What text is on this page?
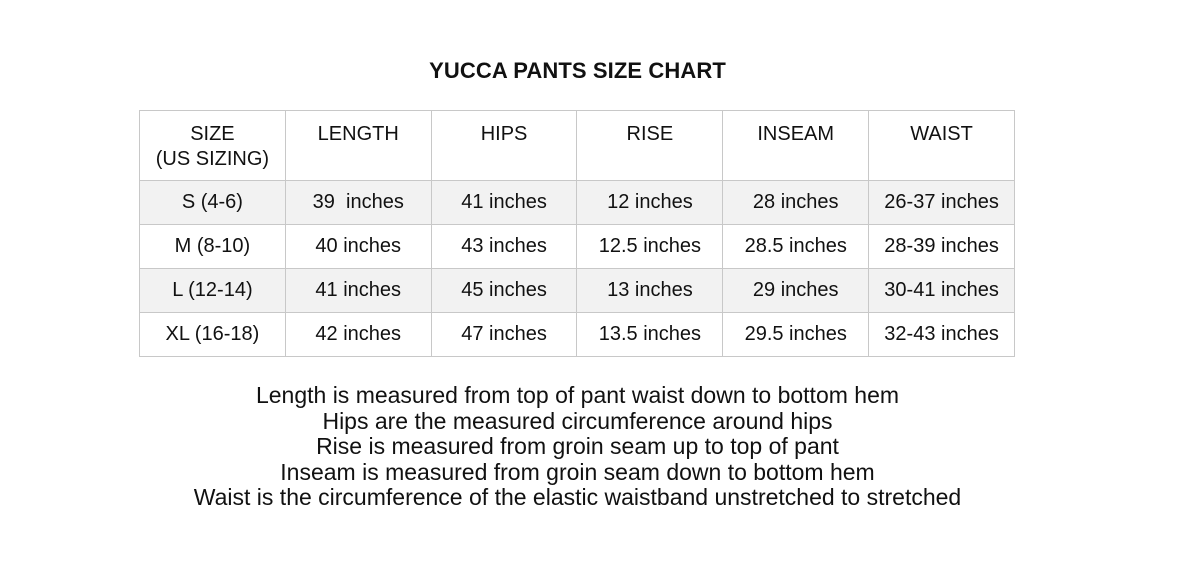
YUCCA PANTS SIZE CHART
SIZE
(US SIZING)	LENGTH	HIPS	RISE	INSEAM	WAIST
S (4-6)	39  inches	41 inches	12 inches	28 inches	26-37 inches
M (8-10)	40 inches	43 inches	12.5 inches	28.5 inches	28-39 inches
L (12-14)	41 inches	45 inches	13 inches	29 inches	30-41 inches
XL (16-18)	42 inches	47 inches	13.5 inches	29.5 inches	32-43 inches
Length is measured from top of pant waist down to bottom hem
Hips are the measured circumference around hips
Rise is measured from groin seam up to top of pant
Inseam is measured from groin seam down to bottom hem
Waist is the circumference of the elastic waistband unstretched to stretched
